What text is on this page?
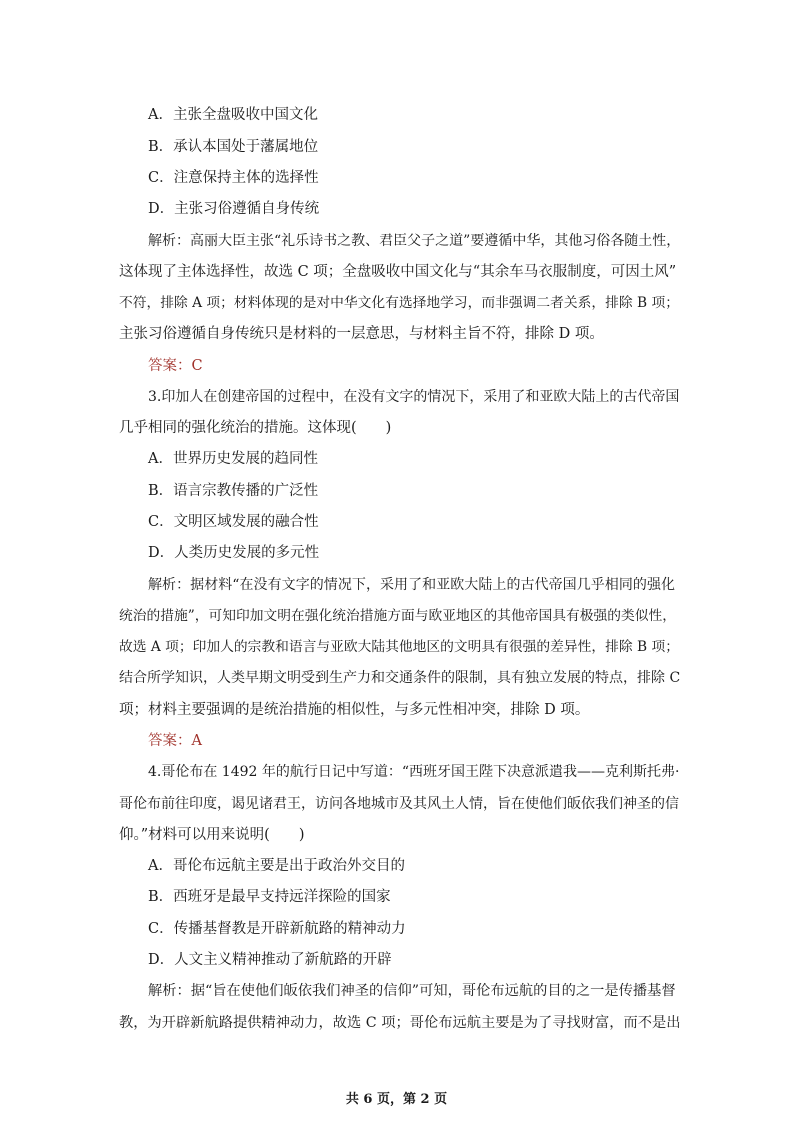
A．主张全盘吸收中国文化
B．承认本国处于藩属地位
C．注意保持主体的选择性
D．主张习俗遵循自身传统
解析：高丽大臣主张“礼乐诗书之教、君臣父子之道”要遵循中华，其他习俗各随土性，
这体现了主体选择性，故选 C 项；全盘吸收中国文化与“其余车马衣服制度，可因土风”
不符，排除 A 项；材料体现的是对中华文化有选择地学习，而非强调二者关系，排除 B 项；
主张习俗遵循自身传统只是材料的一层意思，与材料主旨不符，排除 D 项。
答案：C
3.印加人在创建帝国的过程中，在没有文字的情况下，采用了和亚欧大陆上的古代帝国
几乎相同的强化统治的措施。这体现(　　)
A．世界历史发展的趋同性
B．语言宗教传播的广泛性
C．文明区域发展的融合性
D．人类历史发展的多元性
解析：据材料“在没有文字的情况下，采用了和亚欧大陆上的古代帝国几乎相同的强化
统治的措施”，可知印加文明在强化统治措施方面与欧亚地区的其他帝国具有极强的类似性，
故选 A 项；印加人的宗教和语言与亚欧大陆其他地区的文明具有很强的差异性，排除 B 项；
结合所学知识，人类早期文明受到生产力和交通条件的限制，具有独立发展的特点，排除 C
项；材料主要强调的是统治措施的相似性，与多元性相冲突，排除 D 项。
答案：A
4.哥伦布在 1492 年的航行日记中写道：“西班牙国王陛下决意派遣我——克利斯托弗·
哥伦布前往印度，谒见诸君王，访问各地城市及其风土人情，旨在使他们皈依我们神圣的信
仰。”材料可以用来说明(　　)
A．哥伦布远航主要是出于政治外交目的
B．西班牙是最早支持远洋探险的国家
C．传播基督教是开辟新航路的精神动力
D．人文主义精神推动了新航路的开辟
解析：据“旨在使他们皈依我们神圣的信仰”可知，哥伦布远航的目的之一是传播基督
教，为开辟新航路提供精神动力，故选 C 项；哥伦布远航主要是为了寻找财富，而不是出
共 6 页，第 2 页
